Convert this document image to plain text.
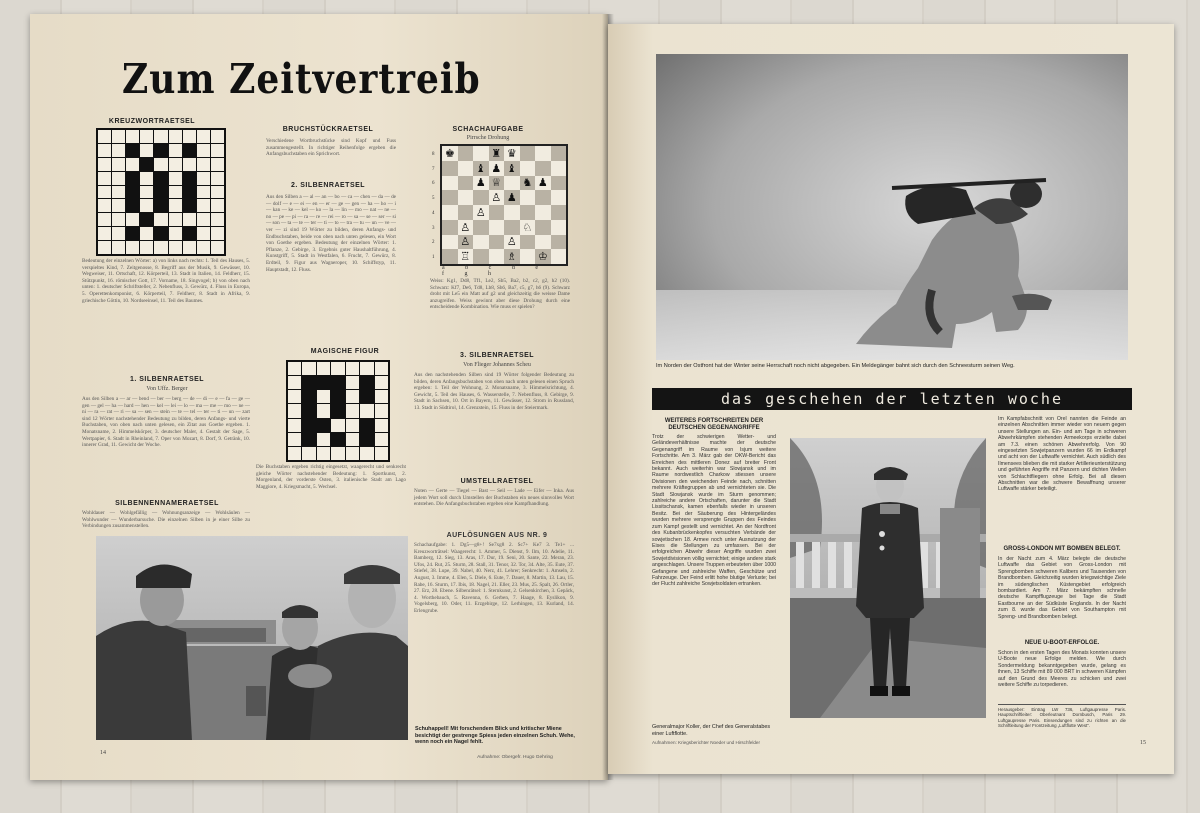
Zum Zeitvertreib
KREUZWORTRAETSEL
Bedeutung der einzelnen Wörter: a) von links nach rechts: 1. Teil des Hauses, 5. verspieltes Kind, 7. Zeitgenosse, 8. Begriff aus der Musik, 9. Gewässer, 10. Wegweiser, 11. Ortschaft, 12. Körperteil, 13. Stadt in Italien, 14. Feldherr, 15. Stützpunkt, 16. römischer Gott, 17. Vorname, 18. Singvogel; b) von oben nach unten: 1. deutscher Schriftsteller, 2. Nebenfluss, 3. Gewürz, 4. Fluss in Europa, 5. Operettenkomponist, 6. Körperteil, 7. Feldherr, 8. Stadt in Afrika, 9. griechische Göttin, 10. Nordseeinsel, 11. Teil des Baumes.
BRUCHSTÜCKRAETSEL
Verschiedene Wortbruchstücke sind Kopf und Fuss zusammengestellt. In richtiger Reihenfolge ergeben die Anfangsbuchstaben ein Sprichwort.
2. SILBENRAETSEL
Aus den Silben a — al — an — bo — ca — chen — da — de — dolf — e — ei — en — er — ge — gen — ha — ho — i — kan — ke — kel — ko — la — lin — mo — nat — ne — no — pe — pi — ra — re — rei — ro — sa — se — ser — si — son — ta — te — ter — ti — to — tra — tu — un — ve — ver — zi sind 19 Wörter zu bilden, deren Anfangs- und Endbuchstaben, beide von oben nach unten gelesen, ein Wort von Goethe ergeben. Bedeutung der einzelnen Wörter: 1. Pflanze, 2. Gebirge, 3. Ergebnis guter Haushaltführung, 4. Kunstgriff, 5. Stadt in Westfalen, 6. Frucht, 7. Gewürz, 8. Erdteil, 9. Figur aus Wagneroper, 10. Schiffstyp, 11. Hauptstadt, 12. Fluss.
SCHACHAUFGABE
Pirrsche Drohung
♚	♜ ♛
♝ ♟ ♝
♟ ♕ ♞ ♟
♙ ♟
♙
♙	♘
♙	♙
♖	♗ ♔
8
7
6
5
4
3
2
1
a b c d e f g h
Weiss: Kg1, Dd8, Tf1, Le2, Sb5, Ba2, b2, c2, g2, h2 (10). Schwarz: Kf7, De6, Td8, Lb8, Sh6, Ba7, c5, g7, h6 (9). Schwarz droht mit Le5 ein Matt auf g2 und gleichzeitig die weisse Dame anzugreifen. Weiss gewinnt aber diese Drohung durch eine entscheidende Kombination. Wie muss er spielen?
1. SILBENRAETSEL
Von Uffz. Berger
Aus den Silben a — ar — bend — ber — berg — de — di — e — fa — ge — gen — gel — ha — hard — hen — kel — lei — lo — ma — me — mo — ne — ni — ra — rat — ri — sa — sen — stein — te — tel — ter — ti — un — zart sind 12 Wörter nachstehender Bedeutung zu bilden, deren Anfangs- und vierte Buchstaben, von oben nach unten gelesen, ein Zitat aus Goethe ergeben. 1. Monatsname, 2. Himmelskörper, 3. deutscher Maler, 4. Gestalt der Sage, 5. Wertpapier, 6. Stadt in Rheinland, 7. Oper von Mozart, 8. Dorf, 9. Getränk, 10. innerer Grad, 11. Gewicht der Woche.
SILBENNENNAMERAETSEL
Wohldauer — Wohlgefällig — Wohnungsanzeige — Wohlsäulen — Wohlwunder — Wunderbarsuche. Die einzelnen Silben in je einer Silbe zu Verbindungen zusammenstellen.
MAGISCHE FIGUR
Die Buchstaben ergeben richtig eingesetzt, waagerecht und senkrecht gleiche Wörter nachstehender Bedeutung: 1. Sportkunst, 2. Morgenland, der vorderste Osten, 3. italienische Stadt am Lago Maggiore, 4. Kriegsmacht, 5. Wechsel.
3. SILBENRAETSEL
Von Flieger Johannes Scheu
Aus den nachstehenden Silben sind 19 Wörter folgender Bedeutung zu bilden, deren Anfangsbuchstaben von oben nach unten gelesen einen Spruch ergeben: 1. Teil der Wohnung, 2. Monatsname, 3. Himmelsrichtung, 4. Gewicht, 5. Teil des Hauses, 6. Wasserstelle, 7. Nebenfluss, 8. Gebirge, 9. Stadt in Sachsen, 10. Ort in Bayern, 11. Gewässer, 12. Strom in Russland, 13. Stadt in Südtirol, 14. Grenzstein, 15. Fluss in der Steiermark.
UMSTELLRAETSEL
Noten — Gerte — Tiegel — Bast — Seil — Lade — Eifer — Inka. Aus jedem Wort soll durch Umstellen der Buchstaben ein neues sinnvolles Wort entstehen. Die Anfangsbuchstaben ergeben eine Kampfhandlung.
AUFLÖSUNGEN AUS NR. 9
Schachaufgabe: 1. Dg5—g8+! Se7xg8 2. Sc7+ Ke7 3. Te1+ ... Kreuzworträtsel: Waagerecht: 1. Ammer, 5. Dienst, 9. Ilm, 10. Adelie, 11. Bamberg, 12. Sieg, 13. Aras, 17. Dur, 19. Seni, 20. Sante, 22. Meran, 23. Ufos, 24. Rut, 25. Sturm, 28. Stall, 31. Tenor, 32. Tor, 34. Alte, 35. Eute, 37. Stiefel, 38. Lupe, 39. Nabel, 40. Nerz, 41. Lehrer; Senkrecht: 1. Amseln, 2. August, 3. Imme, 4. Elen, 5. Diele, 6. Eute, 7. Dauer, 8. Martin, 13. Lau, 15. Rabe, 16. Sturm, 17. Ibis, 18. Nagel, 21. Eller, 23. Mus, 25. Spalt, 26. Ortler, 27. Erz, 28. Ebene. Silbenrätsel: 1. Sternkunst, 2. Gelsenkirchen, 3. Gepäck, 4. Worthebauch, 5. Ravenna, 6. Gerben, 7. Haage, 8. Eyslikon, 9. Vogelsberg, 10. Oder, 11. Erzgebirge, 12. Lerhingen, 13. Kurland, 14. Erlengrube.
Schuhappell! Mit forschendem Blick und kritischer Miene besichtigt der gestrenge Spiess jeden einzelnen Schuh. Wehe, wenn noch ein Nagel fehlt.
Aufnahme: Obergefr. Hugo Gehring
14
Im Norden der Ostfront hat der Winter seine Herrschaft noch nicht abgegeben. Ein Meldegänger bahnt sich durch den Schneesturm seinen Weg.
das geschehen der letzten woche
WEITERES FORTSCHREITEN DER DEUTSCHEN GEGENANGRIFFE
Trotz der schwierigen Wetter- und Geländeverhältnisse machte der deutsche Gegenangriff im Raume von Isjum weitere Fortschritte. Am 3. März gab der OKW-Bericht das Erreichen des mittleren Donez auf breiter Front bekannt. Auch weiterhin war Slowjansk und im Raume nordwestlich Charkow stiessen unsere Divisionen den weichenden Feinde nach, schnitten mehrere Kräftegruppen ab und vernichteten sie. Die Stadt Slowjansk wurde im Sturm genommen; zahlreiche andere Ortschaften, darunter die Stadt Lissitschansk, kamen ebenfalls wieder in unseren Besitz. Bei der Säuberung des Hintergeländes wurden mehrere versprengte Gruppen des Feindes zum Kampf gestellt und vernichtet. An der Nordfront des Kubanbrückenkopfes versuchten Verbände der sowjetischen 18. Armee noch unter Ausnutzung der Eises die Stellungen zu umfassen. Bei der erfolgreichen Abwehr dieser Angriffe wurden zwei Sowjetdivisionen völlig vernichtet; einige andere stark angeschlagen. Unsere Truppen erbeuteten über 1000 Gefangene und zahlreiche Waffen, Geschütze und Fahrzeuge. Der Feind erlitt hohe blutige Verluste; bei der Flucht zahlreiche Sowjetsoldaten ertranken.
Generalmajor Koller, der Chef des Generalstabes einer Luftflotte.
Aufnahmen: Kriegsberichter Noeder und Hirschfelder
Im Kampfabschnitt von Orel nannten die Feinde an einzelnen Abschnitten immer wieder von neuem gegen unsere Stellungen an. Ein- und am Tage in schweren Abwehrkämpfen stehenden Armeekorps erzielte dabei am 7.3. einen schönen Abwehrerfolg. Von 90 eingesetzten Sowjetpanzern wurden 66 im Erdkampf und acht von der Luftwaffe vernichtet. Auch südlich des Ilmensees blieben die mit starker Artillerieunterstützung und geführten Angriffe mit Panzern und dichten Wellen von Schlachtfliegern ohne Erfolg. Bei all diesen Abschnitten war die schwere Bewaffnung unserer Luftwaffe stärker beteiligt.
GROSS-LONDON MIT BOMBEN BELEGT.
In der Nacht zum 4. März belegte die deutsche Luftwaffe das Gebiet von Gross-London mit Sprengbomben schweren Kalibers und Tausenden von Brandbomben. Gleichzeitig wurden kriegswichtige Ziele im südenglischen Küstengebiet erfolgreich bombardiert. Am 7. März bekämpften schnelle deutsche Kampfflugzeuge bei Tage die Stadt Eastbourne an der Südküste Englands. In der Nacht zum 8. wurde das Gebiet von Southampton mit Spreng- und Brandbomben belegt.
NEUE U-BOOT-ERFOLGE.
Schon in den ersten Tagen des Monats konnten unsere U-Boote neue Erfolge melden. Wie durch Sondermeldung bekanntgegeben wurde, gelang es ihnen, 13 Schiffe mit 89 000 BRT in schweren Kämpfen auf den Grund des Meeres zu schicken und zwei weitere Schiffe zu torpedieren.
Herausgeber: Eintrag LW 736, Luftgaupresse Paris. Hauptschriftleiter: Oberleutnant Dornbusch, Paris 29. Luftgaupresse Paris. Einsendungen sind zu richten an die Schriftleitung der Frontzeitung „Luftflotte West“.
15
